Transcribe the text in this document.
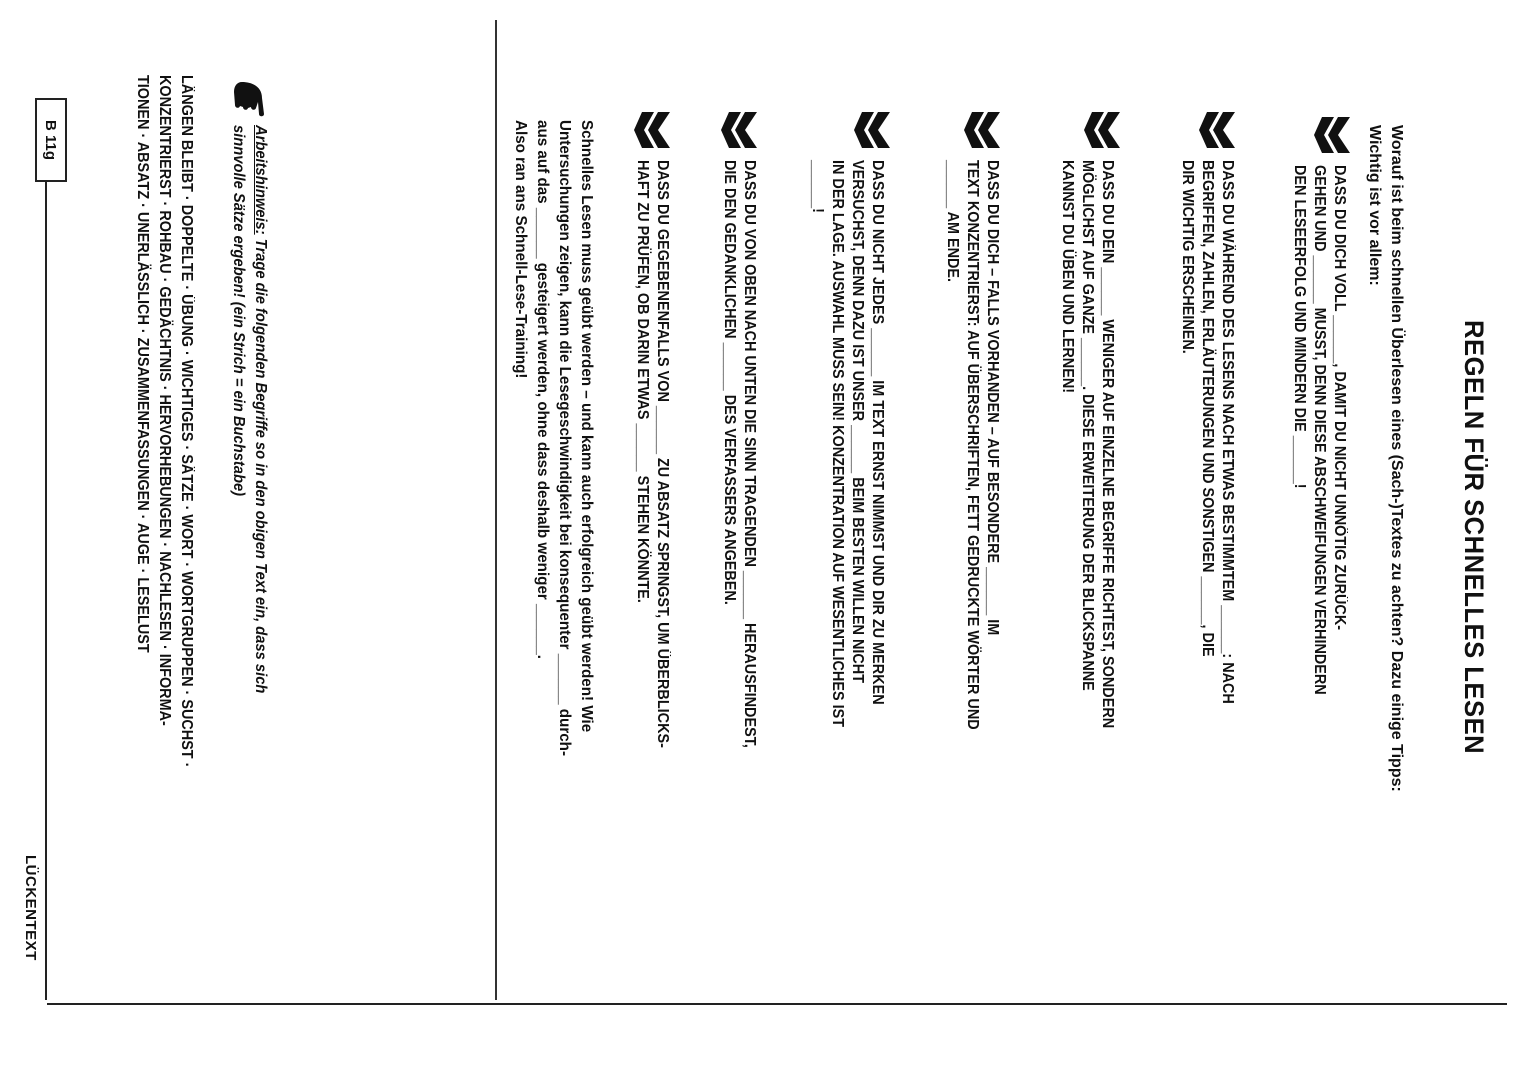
B 11g
LÜCKENTEXT
REGELN FÜR SCHNELLES LESEN
Worauf ist beim schnellen Überlesen eines (Sach-)Textes zu achten? Dazu einige Tipps:
Wichtig ist vor allem:

DASS DU DICH VOLL ______, DAMIT DU NICHT UNNÖTIG ZURÜCK-

GEHEN UND ______ MUSST, DENN DIESE ABSCHWEIFUNGEN VERHINDERN

DEN LESEERFOLG UND MINDERN DIE ______!

DASS DU WÄHREND DES LESENS NACH ETWAS BESTIMMTEM ______: NACH

BEGRIFFEN, ZAHLEN, ERLÄUTERUNGEN UND SONSTIGEN ______, DIE

DIR WICHTIG ERSCHEINEN.

DASS DU DEIN ______ WENIGER AUF EINZELNE BEGRIFFE RICHTEST, SONDERN

MÖGLICHST AUF GANZE ______. DIESE ERWEITERUNG DER BLICKSPANNE

KANNST DU ÜBEN UND LERNEN!

DASS DU DICH – FALLS VORHANDEN – AUF BESONDERE ______ IM

TEXT KONZENTRIERST: AUF ÜBERSCHRIFTEN, FETT GEDRUCKTE WÖRTER UND

______ AM ENDE.

DASS DU NICHT JEDES ______ IM TEXT ERNST NIMMST UND DIR ZU MERKEN

VERSUCHST, DENN DAZU IST UNSER ______ BEIM BESTEN WILLEN NICHT

IN DER LAGE. AUSWAHL MUSS SEIN! KONZENTRATION AUF WESENTLICHES IST

______!

DASS DU VON OBEN NACH UNTEN DIE SINN TRAGENDEN ______ HERAUSFINDEST,

DIE DEN GEDANKLICHEN ______ DES VERFASSERS ANGEBEN.

DASS DU GEGEBENENFALLS VON ______ ZU ABSATZ SPRINGST, UM ÜBERBLICKS-

HAFT ZU PRÜFEN, OB DARIN ETWAS ______ STEHEN KÖNNTE.

Schnelles Lesen muss geübt werden – und kann auch erfolgreich geübt werden! Wie

Untersuchungen zeigen, kann die Lesegeschwindigkeit bei konsequenter ______ durch-

aus auf das ______ gesteigert werden, ohne dass deshalb weniger ______.

Also ran ans Schnell-Lese-Training!

Arbeitshinweis: Trage die folgenden Begriffe so in den obigen Text ein, dass sich

sinnvolle Sätze ergeben! (ein Strich = ein Buchstabe)

LÄNGEN BLEIBT · DOPPELTE · ÜBUNG · WICHTIGES · SÄTZE · WORT · WORTGRUPPEN · SUCHST ·

KONZENTRIERST · ROHBAU · GEDÄCHTNIS · HERVORHEBUNGEN · NACHLESEN · INFORMA-

TIONEN · ABSATZ · UNERLÄSSLICH · ZUSAMMENFASSUNGEN · AUGE · LESELUST
